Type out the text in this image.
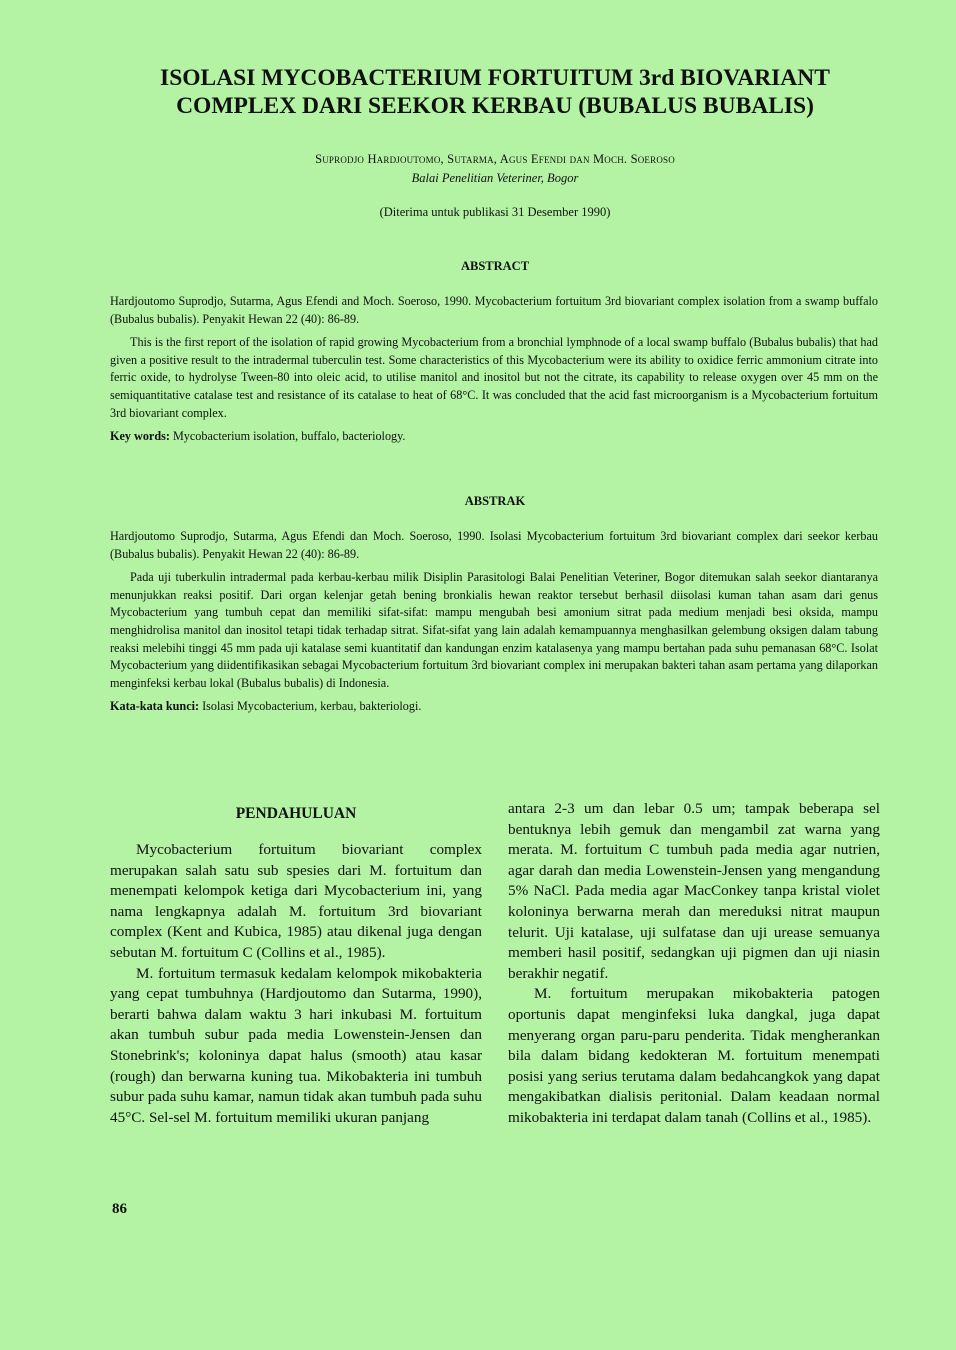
ISOLASI MYCOBACTERIUM FORTUITUM 3rd BIOVARIANT
COMPLEX DARI SEEKOR KERBAU (BUBALUS BUBALIS)
Suprodjo Hardjoutomo, Sutarma, Agus Efendi dan Moch. Soeroso
Balai Penelitian Veteriner, Bogor
(Diterima untuk publikasi 31 Desember 1990)
ABSTRACT

Hardjoutomo Suprodjo, Sutarma, Agus Efendi and Moch. Soeroso, 1990. Mycobacterium fortuitum 3rd biovariant complex isolation from a swamp buffalo (Bubalus bubalis). Penyakit Hewan 22 (40): 86-89.

This is the first report of the isolation of rapid growing Mycobacterium from a bronchial lymphnode of a local swamp buffalo (Bubalus bubalis) that had given a positive result to the intradermal tuberculin test. Some characteristics of this Mycobacterium were its ability to oxidice ferric ammonium citrate into ferric oxide, to hydrolyse Tween-80 into oleic acid, to utilise manitol and inositol but not the citrate, its capability to release oxygen over 45 mm on the semiquantitative catalase test and resistance of its catalase to heat of 68°C. It was concluded that the acid fast microorganism is a Mycobacterium fortuitum 3rd biovariant complex.

Key words: Mycobacterium isolation, buffalo, bacteriology.

ABSTRAK

Hardjoutomo Suprodjo, Sutarma, Agus Efendi dan Moch. Soeroso, 1990. Isolasi Mycobacterium fortuitum 3rd biovariant complex dari seekor kerbau (Bubalus bubalis). Penyakit Hewan 22 (40): 86-89.

Pada uji tuberkulin intradermal pada kerbau-kerbau milik Disiplin Parasitologi Balai Penelitian Veteriner, Bogor ditemukan salah seekor diantaranya menunjukkan reaksi positif. Dari organ kelenjar getah bening bronkialis hewan reaktor tersebut berhasil diisolasi kuman tahan asam dari genus Mycobacterium yang tumbuh cepat dan memiliki sifat-sifat: mampu mengubah besi amonium sitrat pada medium menjadi besi oksida, mampu menghidrolisa manitol dan inositol tetapi tidak terhadap sitrat. Sifat-sifat yang lain adalah kemampuannya menghasilkan gelembung oksigen dalam tabung reaksi melebihi tinggi 45 mm pada uji katalase semi kuantitatif dan kandungan enzim katalasenya yang mampu bertahan pada suhu pemanasan 68°C. Isolat Mycobacterium yang diidentifikasikan sebagai Mycobacterium fortuitum 3rd biovariant complex ini merupakan bakteri tahan asam pertama yang dilaporkan menginfeksi kerbau lokal (Bubalus bubalis) di Indonesia.

Kata-kata kunci: Isolasi Mycobacterium, kerbau, bakteriologi.

PENDAHULUAN

Mycobacterium fortuitum biovariant complex merupakan salah satu sub spesies dari M. fortuitum dan menempati kelompok ketiga dari Mycobacterium ini, yang nama lengkapnya adalah M. fortuitum 3rd biovariant complex (Kent and Kubica, 1985) atau dikenal juga dengan sebutan M. fortuitum C (Collins et al., 1985).

M. fortuitum termasuk kedalam kelompok mikobakteria yang cepat tumbuhnya (Hardjoutomo dan Sutarma, 1990), berarti bahwa dalam waktu 3 hari inkubasi M. fortuitum akan tumbuh subur pada media Lowenstein-Jensen dan Stonebrink's; koloninya dapat halus (smooth) atau kasar (rough) dan berwarna kuning tua. Mikobakteria ini tumbuh subur pada suhu kamar, namun tidak akan tumbuh pada suhu 45°C. Sel-sel M. fortuitum memiliki ukuran panjang

antara 2-3 um dan lebar 0.5 um; tampak beberapa sel bentuknya lebih gemuk dan mengambil zat warna yang merata. M. fortuitum C tumbuh pada media agar nutrien, agar darah dan media Lowenstein-Jensen yang mengandung 5% NaCl. Pada media agar MacConkey tanpa kristal violet koloninya berwarna merah dan mereduksi nitrat maupun telurit. Uji katalase, uji sulfatase dan uji urease semuanya memberi hasil positif, sedangkan uji pigmen dan uji niasin berakhir negatif.

M. fortuitum merupakan mikobakteria patogen oportunis dapat menginfeksi luka dangkal, juga dapat menyerang organ paru-paru penderita. Tidak mengherankan bila dalam bidang kedokteran M. fortuitum menempati posisi yang serius terutama dalam bedahcangkok yang dapat mengakibatkan dialisis peritonial. Dalam keadaan normal mikobakteria ini terdapat dalam tanah (Collins et al., 1985).

86
